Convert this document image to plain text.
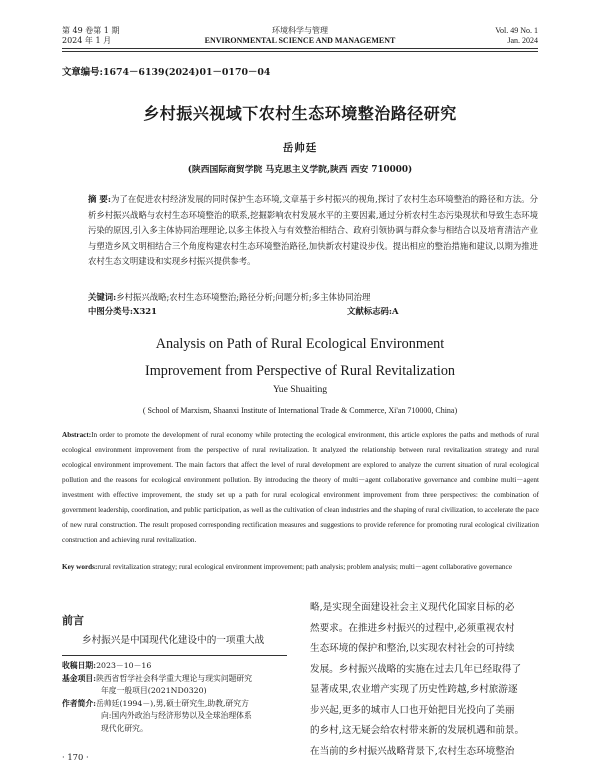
第 49 卷第 1 期
2024 年 1 月
环境科学与管理
ENVIRONMENTAL SCIENCE AND MANAGEMENT
Vol. 49 No. 1
Jan. 2024
文章编号:1674－6139(2024)01－0170－04
乡村振兴视域下农村生态环境整治路径研究
岳帅廷
(陕西国际商贸学院 马克思主义学院,陕西 西安 710000)
摘 要:为了在促进农村经济发展的同时保护生态环境,文章基于乡村振兴的视角,探讨了农村生态环境整治的路径和方法。分析乡村振兴战略与农村生态环境整治的联系,挖掘影响农村发展水平的主要因素,通过分析农村生态污染现状和导致生态环境污染的原因,引入多主体协同治理理论,以多主体投入与有效整治相结合、政府引领协调与群众参与相结合以及培育清洁产业与塑造乡风文明相结合三个角度构建农村生态环境整治路径,加快新农村建设步伐。提出相应的整治措施和建议,以期为推进农村生态文明建设和实现乡村振兴提供参考。
关键词:乡村振兴战略;农村生态环境整治;路径分析;问题分析;多主体协同治理
中图分类号:X321	文献标志码:A
Analysis on Path of Rural Ecological Environment
Improvement from Perspective of Rural Revitalization
Yue Shuaiting
( School of Marxism, Shaanxi Institute of International Trade & Commerce, Xi'an 710000, China)
Abstract:In order to promote the development of rural economy while protecting the ecological environment, this article explores the paths and methods of rural ecological environment improvement from the perspective of rural revitalization. It analyzed the relationship between rural revitalization strategy and rural ecological environment improvement. The main factors that affect the level of rural development are explored to analyze the current situation of rural ecological pollution and the reasons for ecological environment pollution. By introducing the theory of multi－agent collaborative governance and combine multi－agent investment with effective improvement, the study set up a path for rural ecological environment improvement from three perspectives: the combination of government leadership, coordination, and public participation, as well as the cultivation of clean industries and the shaping of rural civilization, to accelerate the pace of new rural construction. The result proposed corresponding rectification measures and suggestions to provide reference for promoting rural ecological civilization construction and achieving rural revitalization.
Key words:rural revitalization strategy; rural ecological environment improvement; path analysis; problem analysis; multi－agent collaborative governance
前言
乡村振兴是中国现代化建设中的一项重大战
收稿日期:2023－10－16
基金项目:陕西省哲学社会科学重大理论与现实问题研究
年度一般项目(2021ND0320)
作者简介:岳帅廷(1994－),男,硕士研究生,助教,研究方
向:国内外政治与经济形势以及全球治理体系
现代化研究。
· 170 ·
略,是实现全面建设社会主义现代化国家目标的必
然要求。在推进乡村振兴的过程中,必须重视农村
生态环境的保护和整治,以实现农村社会的可持续
发展。乡村振兴战略的实施在过去几年已经取得了
显著成果,农业增产实现了历史性跨越,乡村旅游逐
步兴起,更多的城市人口也开始把目光投向了美丽
的乡村,这无疑会给农村带来新的发展机遇和前景。
在当前的乡村振兴战略背景下,农村生态环境整治
